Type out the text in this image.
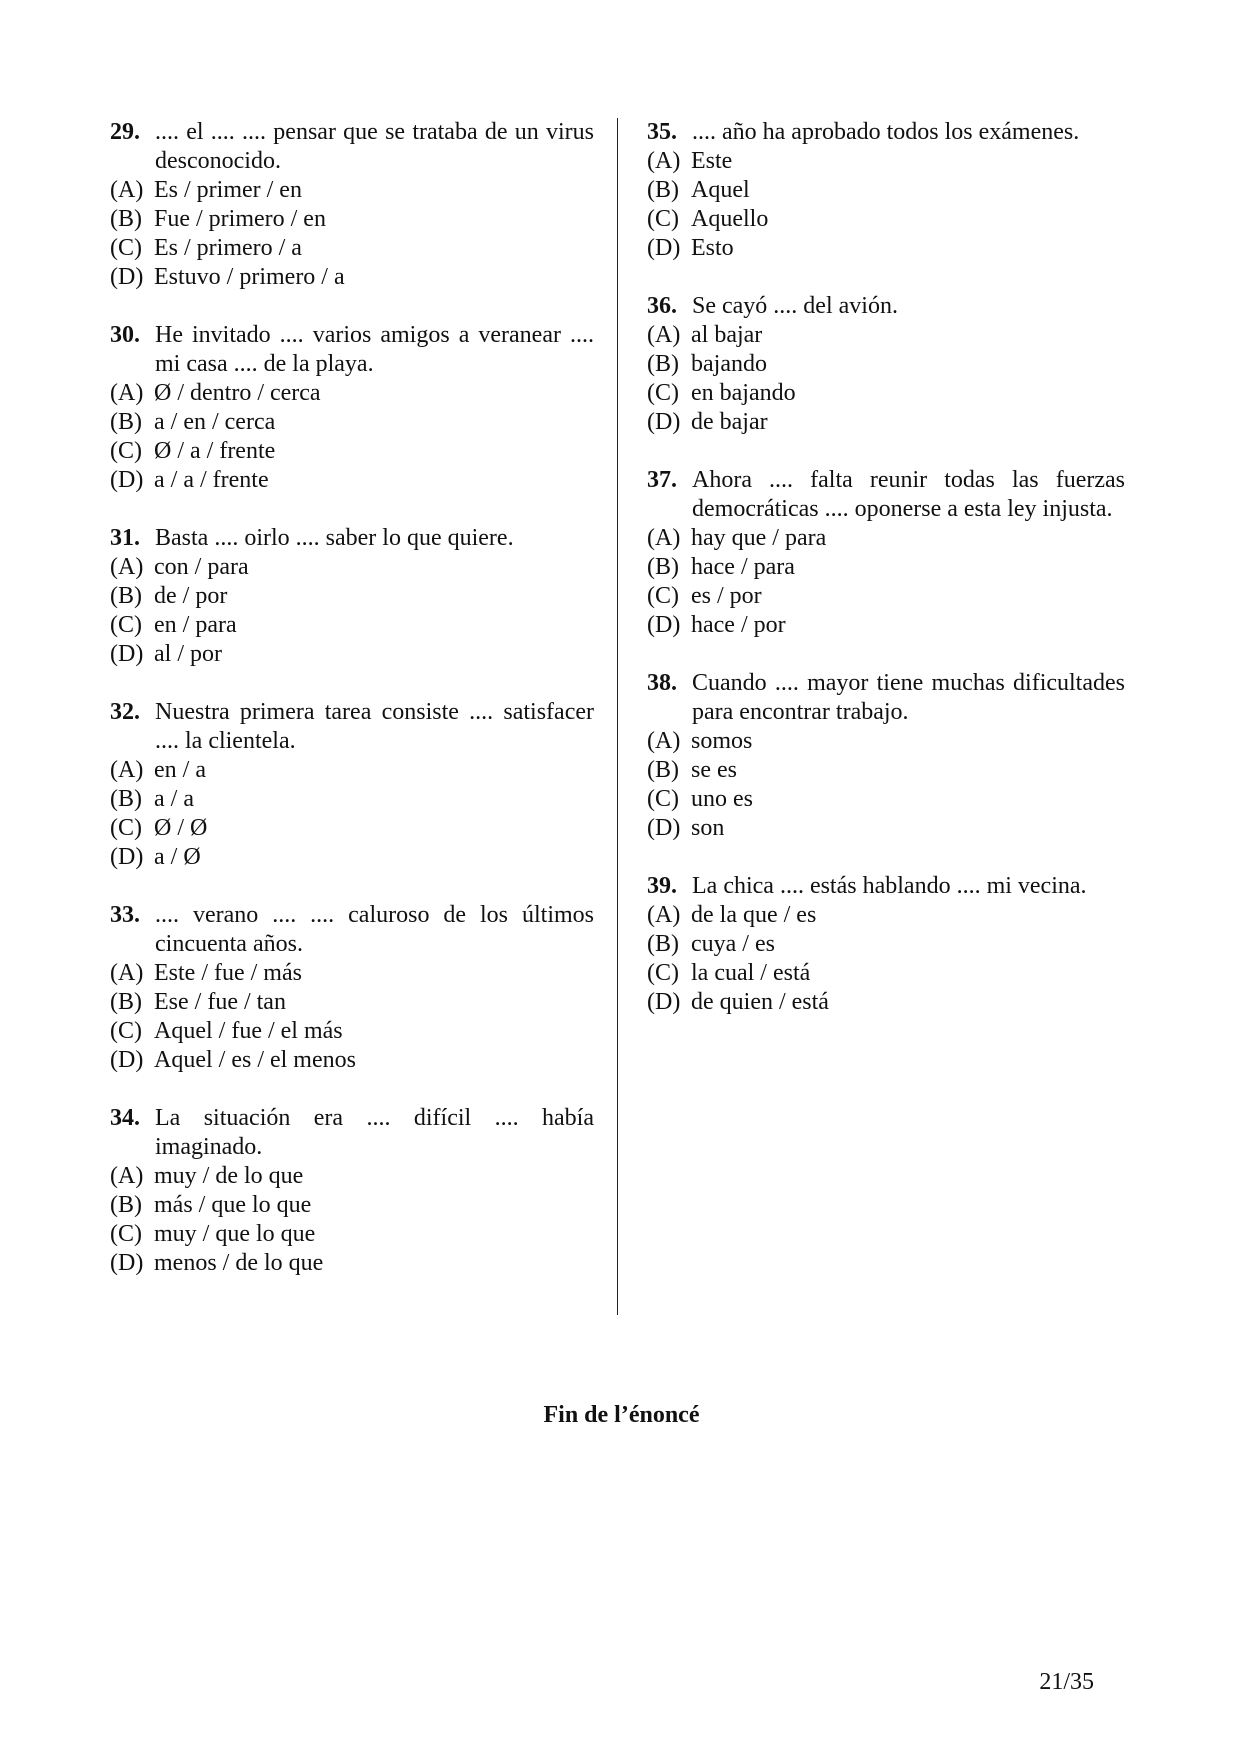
29. .... el .... .... pensar que se trataba de un virus desconocido.
(A) Es / primer / en
(B) Fue / primero / en
(C) Es / primero / a
(D) Estuvo / primero / a
30. He invitado .... varios amigos a veranear .... mi casa .... de la playa.
(A) Ø / dentro / cerca
(B) a / en / cerca
(C) Ø / a / frente
(D) a / a / frente
31. Basta .... oirlo .... saber lo que quiere.
(A) con / para
(B) de / por
(C) en / para
(D) al / por
32. Nuestra primera tarea consiste .... satisfacer .... la clientela.
(A) en / a
(B) a / a
(C) Ø / Ø
(D) a / Ø
33. .... verano .... .... caluroso de los últimos cincuenta años.
(A) Este / fue / más
(B) Ese / fue / tan
(C) Aquel / fue / el más
(D) Aquel / es / el menos
34. La situación era .... difícil .... había imaginado.
(A) muy / de lo que
(B) más / que lo que
(C) muy / que lo que
(D) menos / de lo que
35. .... año ha aprobado todos los exámenes.
(A) Este
(B) Aquel
(C) Aquello
(D) Esto
36. Se cayó .... del avión.
(A) al bajar
(B) bajando
(C) en bajando
(D) de bajar
37. Ahora .... falta reunir todas las fuerzas democráticas .... oponerse a esta ley injusta.
(A) hay que / para
(B) hace / para
(C) es / por
(D) hace / por
38. Cuando .... mayor tiene muchas dificultades para encontrar trabajo.
(A) somos
(B) se es
(C) uno es
(D) son
39. La chica .... estás hablando .... mi vecina.
(A) de la que / es
(B) cuya / es
(C) la cual / está
(D) de quien / está
Fin de l’énoncé
21/35
